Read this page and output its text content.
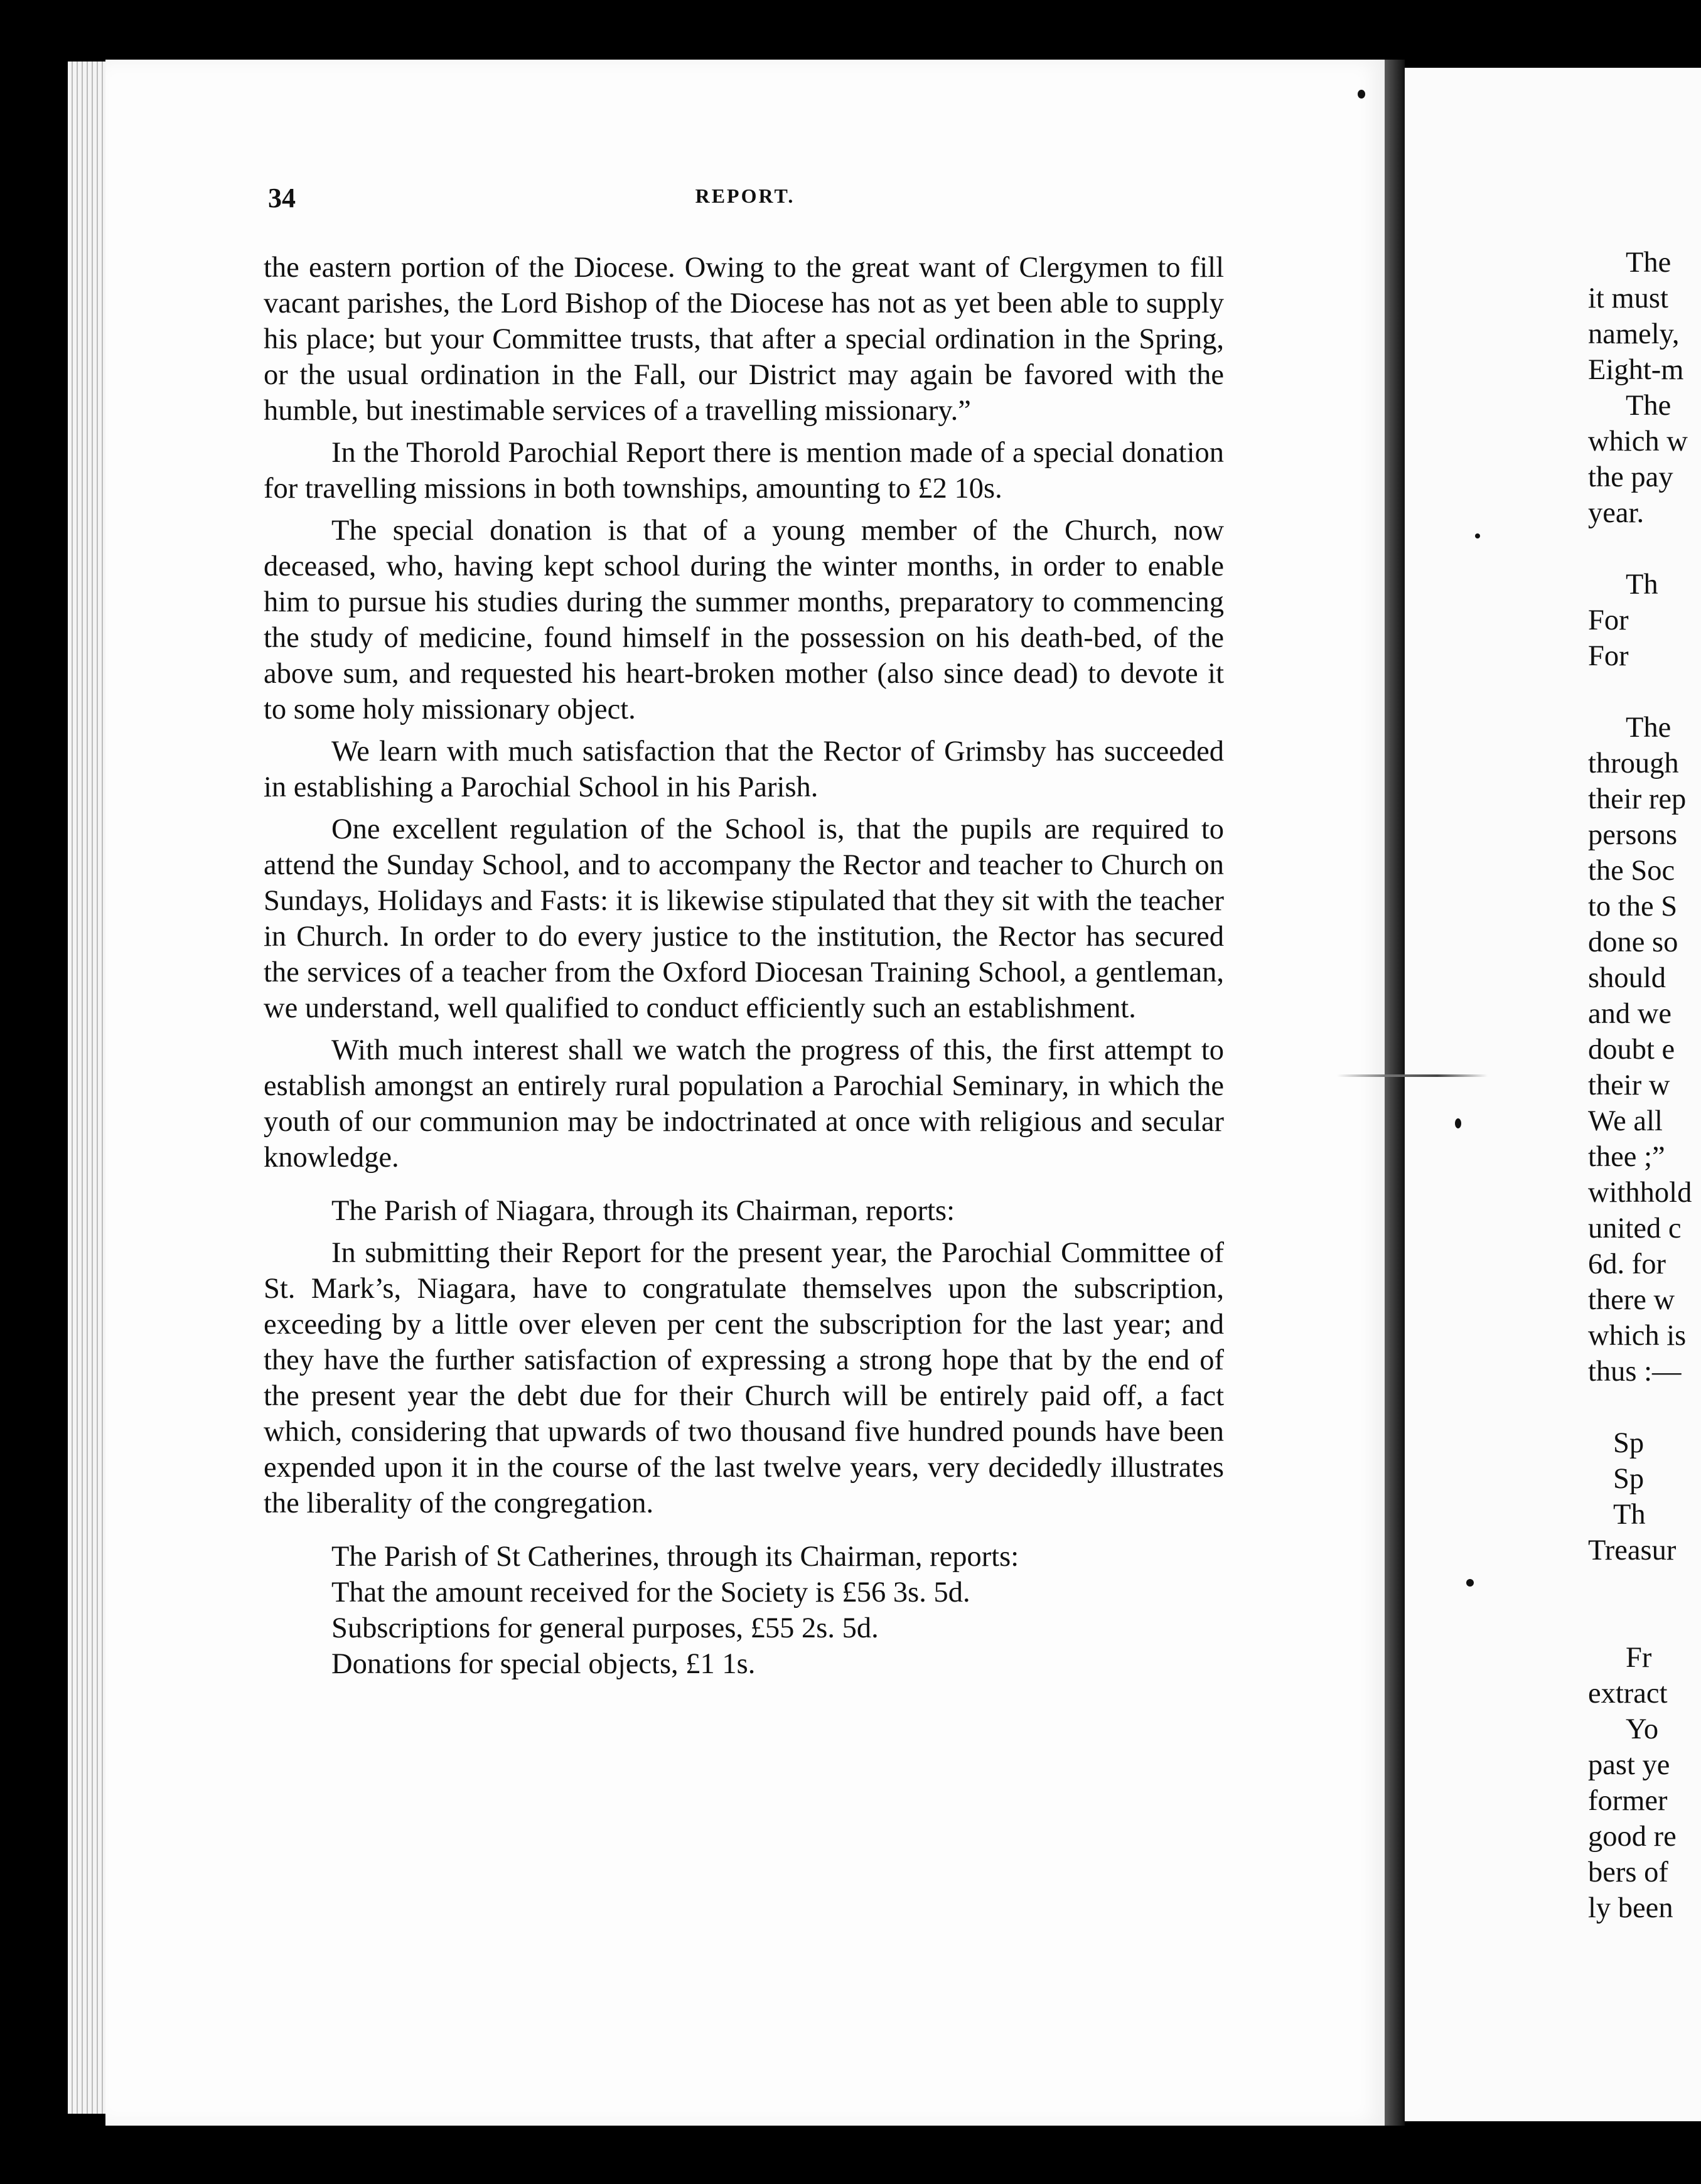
34	REPORT.

the eastern portion of the Diocese. Owing to the great want of Clergymen to fill vacant parishes, the Lord Bishop of the Diocese has not as yet been able to supply his place; but your Committee trusts, that after a special ordination in the Spring, or the usual ordination in the Fall, our District may again be favored with the humble, but inestimable services of a travelling missionary.”

In the Thorold Parochial Report there is mention made of a special donation for travelling missions in both townships, amounting to £2 10s.

The special donation is that of a young member of the Church, now deceased, who, having kept school during the winter months, in order to enable him to pursue his studies during the summer months, preparatory to commencing the study of medicine, found himself in the possession on his death-bed, of the above sum, and requested his heart-broken mother (also since dead) to devote it to some holy missionary object.

We learn with much satisfaction that the Rector of Grimsby has succeeded in establishing a Parochial School in his Parish.

One excellent regulation of the School is, that the pupils are required to attend the Sunday School, and to accompany the Rector and teacher to Church on Sundays, Holidays and Fasts: it is likewise stipulated that they sit with the teacher in Church. In order to do every justice to the institution, the Rector has secured the services of a teacher from the Oxford Diocesan Training School, a gentleman, we understand, well qualified to conduct efficiently such an establishment.

With much interest shall we watch the progress of this, the first attempt to establish amongst an entirely rural population a Parochial Seminary, in which the youth of our communion may be indoctrinated at once with religious and secular knowledge.

The Parish of Niagara, through its Chairman, reports:

In submitting their Report for the present year, the Parochial Committee of St. Mark’s, Niagara, have to congratulate themselves upon the subscription, exceeding by a little over eleven per cent the subscription for the last year; and they have the further satisfaction of expressing a strong hope that by the end of the present year the debt due for their Church will be entirely paid off, a fact which, considering that upwards of two thousand five hundred pounds have been expended upon it in the course of the last twelve years, very decidedly illustrates the liberality of the congregation.

The Parish of St Catherines, through its Chairman, reports:
That the amount received for the Society is £56 3s. 5d.
Subscriptions for general purposes, £55 2s. 5d.
Donations for special objects, £1 1s.

The
it must
namely,
Eight-m
The
which w
the pay
year.
Th
For
For
The
through
their rep
persons
the Soc
to the S
done so
should
and we
doubt e
their w
We all
thee ;”
withhold
united c
6d. for
there w
which is
thus :—
Sp
Sp
Th
Treasur
Fr
extract
Yo
past ye
former
good re
bers of
ly been
